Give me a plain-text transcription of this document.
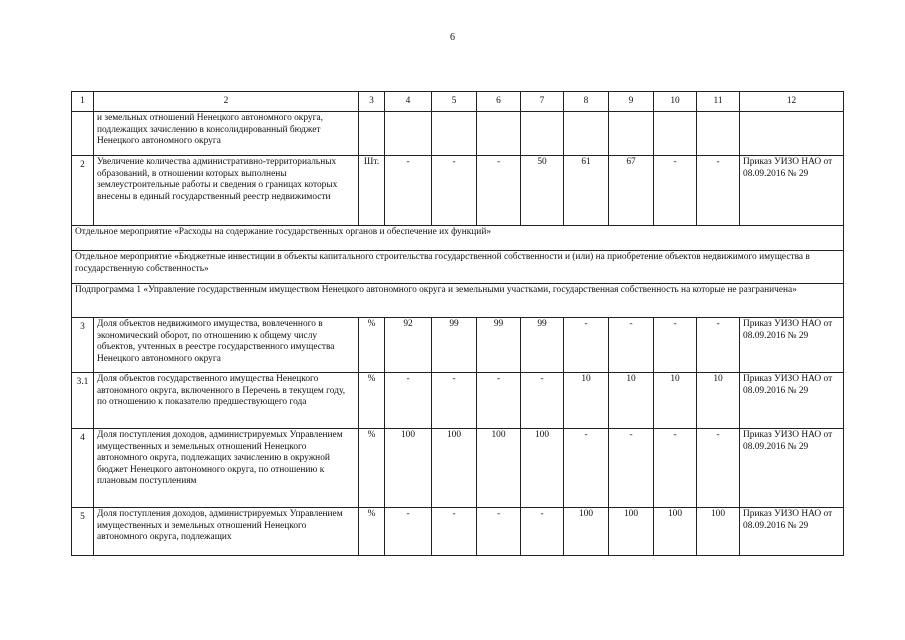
6
1	2	3	4	5	6	7	8	9	10	11	12
	и земельных отношений Ненецкого автономного округа, подлежащих зачислению в консолидированный бюджет Ненецкого автономного округа										
2	Увеличение количества административно-территориальных образований, в отношении которых выполнены землеустроительные работы и сведения о границах которых внесены в единый государственный реестр недвижимости	Шт.	-	-	-	50	61	67	-	-	Приказ УИЗО НАО от 08.09.2016 № 29
Отдельное мероприятие «Расходы на содержание государственных органов и обеспечение их функций»											
Отдельное мероприятие «Бюджетные инвестиции в объекты капитального строительства государственной собственности и (или) на приобретение объектов недвижимого имущества в государственную собственность»											
Подпрограмма 1 «Управление государственным имуществом Ненецкого автономного округа и земельными участками, государственная собственность на которые не разграничена»											
3	Доля объектов недвижимого имущества, вовлеченного в экономический оборот, по отношению к общему числу объектов, учтенных в реестре государственного имущества Ненецкого автономного округа	%	92	99	99	99	-	-	-	-	Приказ УИЗО НАО от 08.09.2016 № 29
3.1	Доля объектов государственного имущества Ненецкого автономного округа, включенного в Перечень в текущем году, по отношению к показателю предшествующего года	%	-	-	-	-	10	10	10	10	Приказ УИЗО НАО от 08.09.2016 № 29
4	Доля поступления доходов, администрируемых Управлением имущественных и земельных отношений Ненецкого автономного округа, подлежащих зачислению в окружной бюджет Ненецкого автономного округа, по отношению к плановым поступлениям	%	100	100	100	100	-	-	-	-	Приказ УИЗО НАО от 08.09.2016 № 29
5	Доля поступления доходов, администрируемых Управлением имущественных и земельных отношений Ненецкого автономного округа, подлежащих	%	-	-	-	-	100	100	100	100	Приказ УИЗО НАО от 08.09.2016 № 29
